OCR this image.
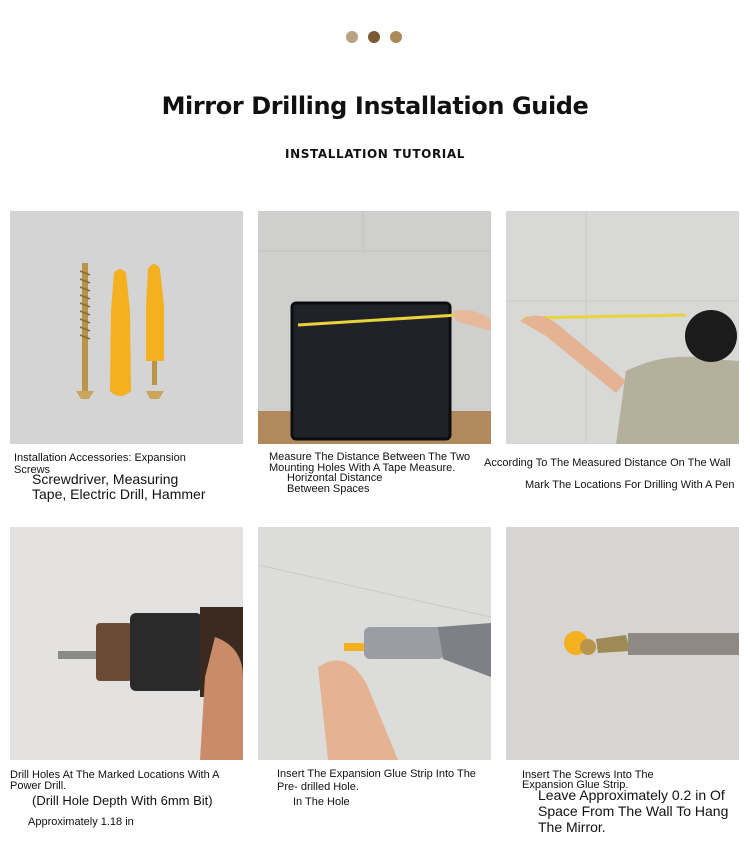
Mirror Drilling Installation Guide
INSTALLATION TUTORIAL
Installation Accessories: Expansion Screws
Screwdriver, Measuring Tape, Electric Drill, Hammer
Measure The Distance Between The Two Mounting Holes With A Tape Measure.
Horizontal Distance Between Spaces
According To The Measured Distance On The Wall
Mark The Locations For Drilling With A Pen
Drill Holes At The Marked Locations With A Power Drill.
(Drill Hole Depth With 6mm Bit)
Approximately 1.18 in
Insert The Expansion Glue Strip Into The Pre- drilled Hole.
In The Hole
Insert The Screws Into The Expansion Glue Strip.
Leave Approximately 0.2 in Of Space From The Wall To Hang The Mirror.
